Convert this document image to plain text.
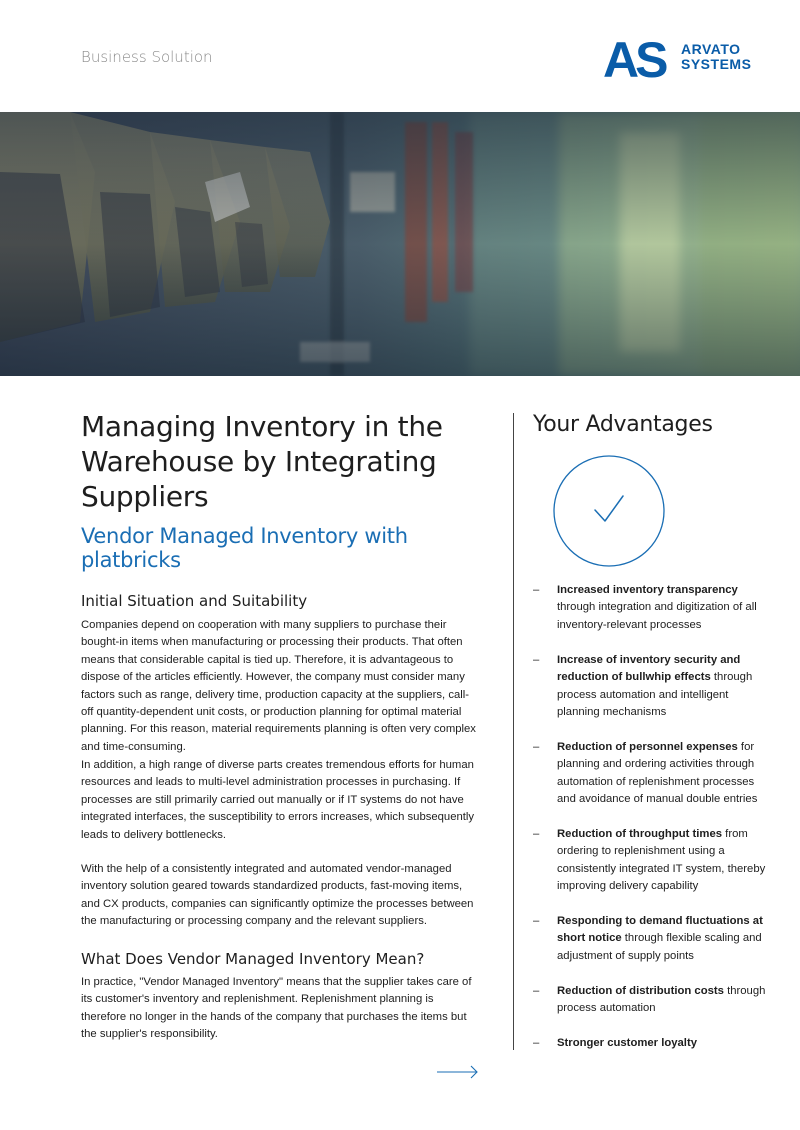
Business Solution	AS ARVATO
SYSTEMS
Managing Inventory in the Warehouse by Integrating Suppliers
Vendor Managed Inventory with platbricks
Initial Situation and Suitability

Companies depend on cooperation with many suppliers to purchase their bought-in items when manufacturing or processing their products. That often means that considerable capital is tied up. Therefore, it is advantageous to dispose of the articles efficiently. However, the company must consider many factors such as range, delivery time, production capacity at the suppliers, call-off quantity-dependent unit costs, or production planning for optimal material planning. For this reason, material requirements planning is often very complex and time-consuming.

In addition, a high range of diverse parts creates tremendous efforts for human resources and leads to multi-level administration processes in purchasing. If processes are still primarily carried out manually or if IT systems do not have integrated interfaces, the susceptibility to errors increases, which subsequently leads to delivery bottlenecks.

With the help of a consistently integrated and automated vendor-managed inventory solution geared towards standardized products, fast-moving items, and CX products, companies can significantly optimize the processes between the manufacturing or processing company and the relevant suppliers.

What Does Vendor Managed Inventory Mean?

In practice, "Vendor Managed Inventory" means that the supplier takes care of its customer's inventory and replenishment. Replenishment planning is therefore no longer in the hands of the company that purchases the items but the supplier's responsibility.

Your Advantages
– Increased inventory transparency through integration and digitization of all inventory-relevant processes
– Increase of inventory security and reduction of bullwhip effects through process automation and intelligent planning mechanisms
– Reduction of personnel expenses for planning and ordering activities through automation of replenishment processes and avoidance of manual double entries
– Reduction of throughput times from ordering to replenishment using a consistently integrated IT system, thereby improving delivery capability
– Responding to demand fluctuations at short notice through flexible scaling and adjustment of supply points
– Reduction of distribution costs through process automation
– Stronger customer loyalty
